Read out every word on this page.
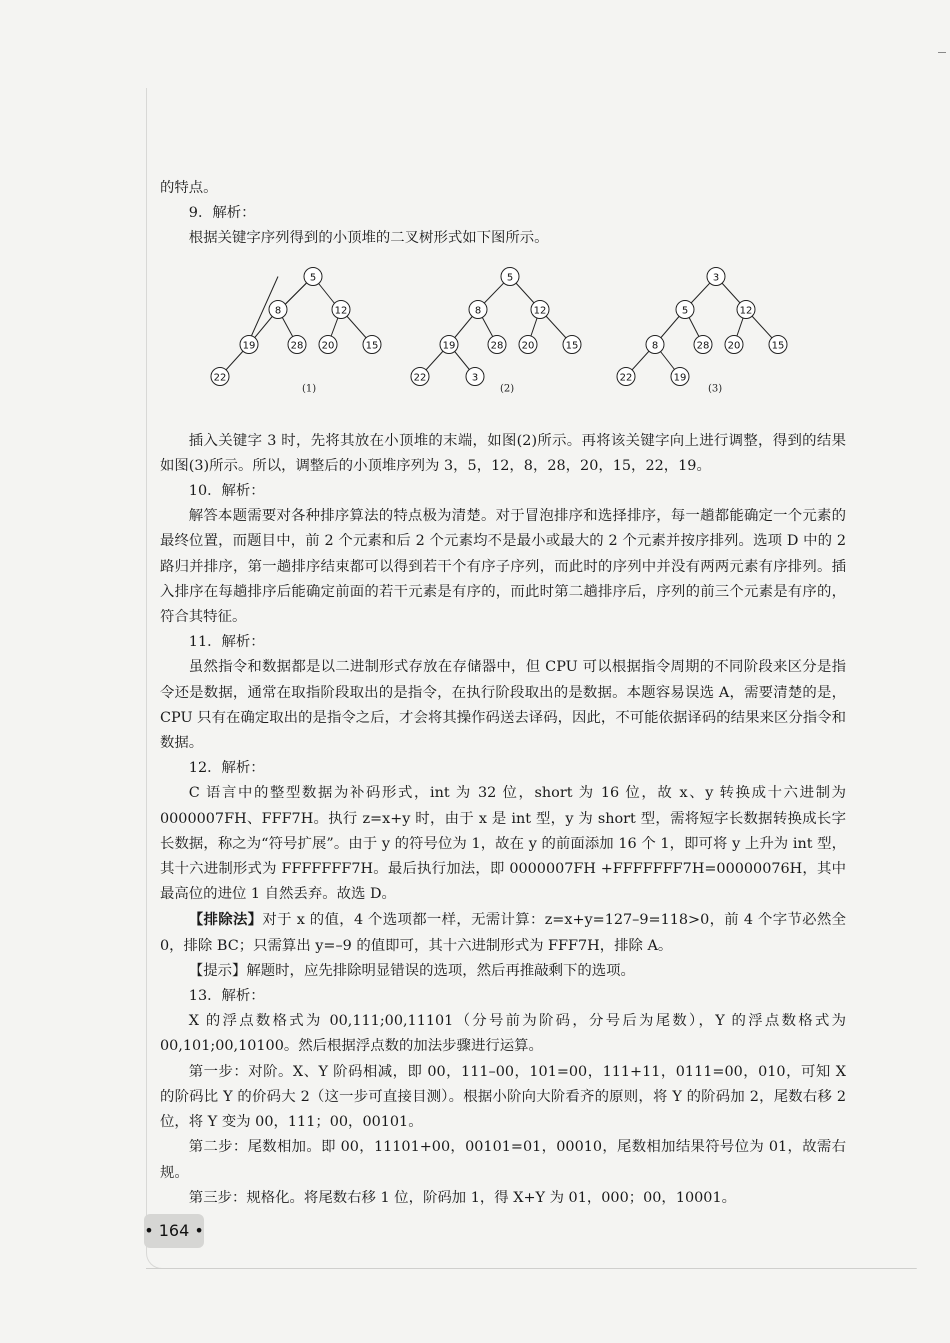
的特点。

9．解析：

根据关键字序列得到的小顶堆的二叉树形式如下图所示。

5
8	12
19	28 20	15
22
(1)
5
8	12
19	28 20	15
22	3
(2)
3
5	12
8	28 20	15
22	19
(3)

插入关键字 3 时，先将其放在小顶堆的末端，如图(2)所示。再将该关键字向上进行调整，得到的结果如图(3)所示。所以，调整后的小顶堆序列为 3，5，12，8，28，20，15，22，19。

10．解析：

解答本题需要对各种排序算法的特点极为清楚。对于冒泡排序和选择排序，每一趟都能确定一个元素的最终位置，而题目中，前 2 个元素和后 2 个元素均不是最小或最大的 2 个元素并按序排列。选项 D 中的 2 路归并排序，第一趟排序结束都可以得到若干个有序子序列，而此时的序列中并没有两两元素有序排列。插入排序在每趟排序后能确定前面的若干元素是有序的，而此时第二趟排序后，序列的前三个元素是有序的，符合其特征。

11．解析：

虽然指令和数据都是以二进制形式存放在存储器中，但 CPU 可以根据指令周期的不同阶段来区分是指令还是数据，通常在取指阶段取出的是指令，在执行阶段取出的是数据。本题容易误选 A，需要清楚的是，CPU 只有在确定取出的是指令之后，才会将其操作码送去译码，因此，不可能依据译码的结果来区分指令和数据。

12．解析：

C 语言中的整型数据为补码形式，int 为 32 位，short 为 16 位，故 x、y 转换成十六进制为 0000007FH、FFF7H。执行 z=x+y 时，由于 x 是 int 型，y 为 short 型，需将短字长数据转换成长字长数据，称之为“符号扩展”。由于 y 的符号位为 1，故在 y 的前面添加 16 个 1，即可将 y 上升为 int 型，其十六进制形式为 FFFFFFF7H。最后执行加法，即 0000007FH +FFFFFFF7H=00000076H，其中最高位的进位 1 自然丢弃。故选 D。

【排除法】对于 x 的值，4 个选项都一样，无需计算：z=x+y=127–9=118>0，前 4 个字节必然全 0，排除 BC；只需算出 y=–9 的值即可，其十六进制形式为 FFF7H，排除 A。

【提示】解题时，应先排除明显错误的选项，然后再推敲剩下的选项。

13．解析：

X 的浮点数格式为 00,111;00,11101（分号前为阶码，分号后为尾数），Y 的浮点数格式为 00,101;00,10100。然后根据浮点数的加法步骤进行运算。

第一步：对阶。X、Y 阶码相减，即 00，111–00，101=00，111+11，0111=00，010，可知 X 的阶码比 Y 的价码大 2（这一步可直接目测）。根据小阶向大阶看齐的原则，将 Y 的阶码加 2，尾数右移 2 位，将 Y 变为 00，111；00，00101。

第二步：尾数相加。即 00，11101+00，00101=01，00010，尾数相加结果符号位为 01，故需右规。

第三步：规格化。将尾数右移 1 位，阶码加 1，得 X+Y 为 01，000；00，10001。

• 164 •
